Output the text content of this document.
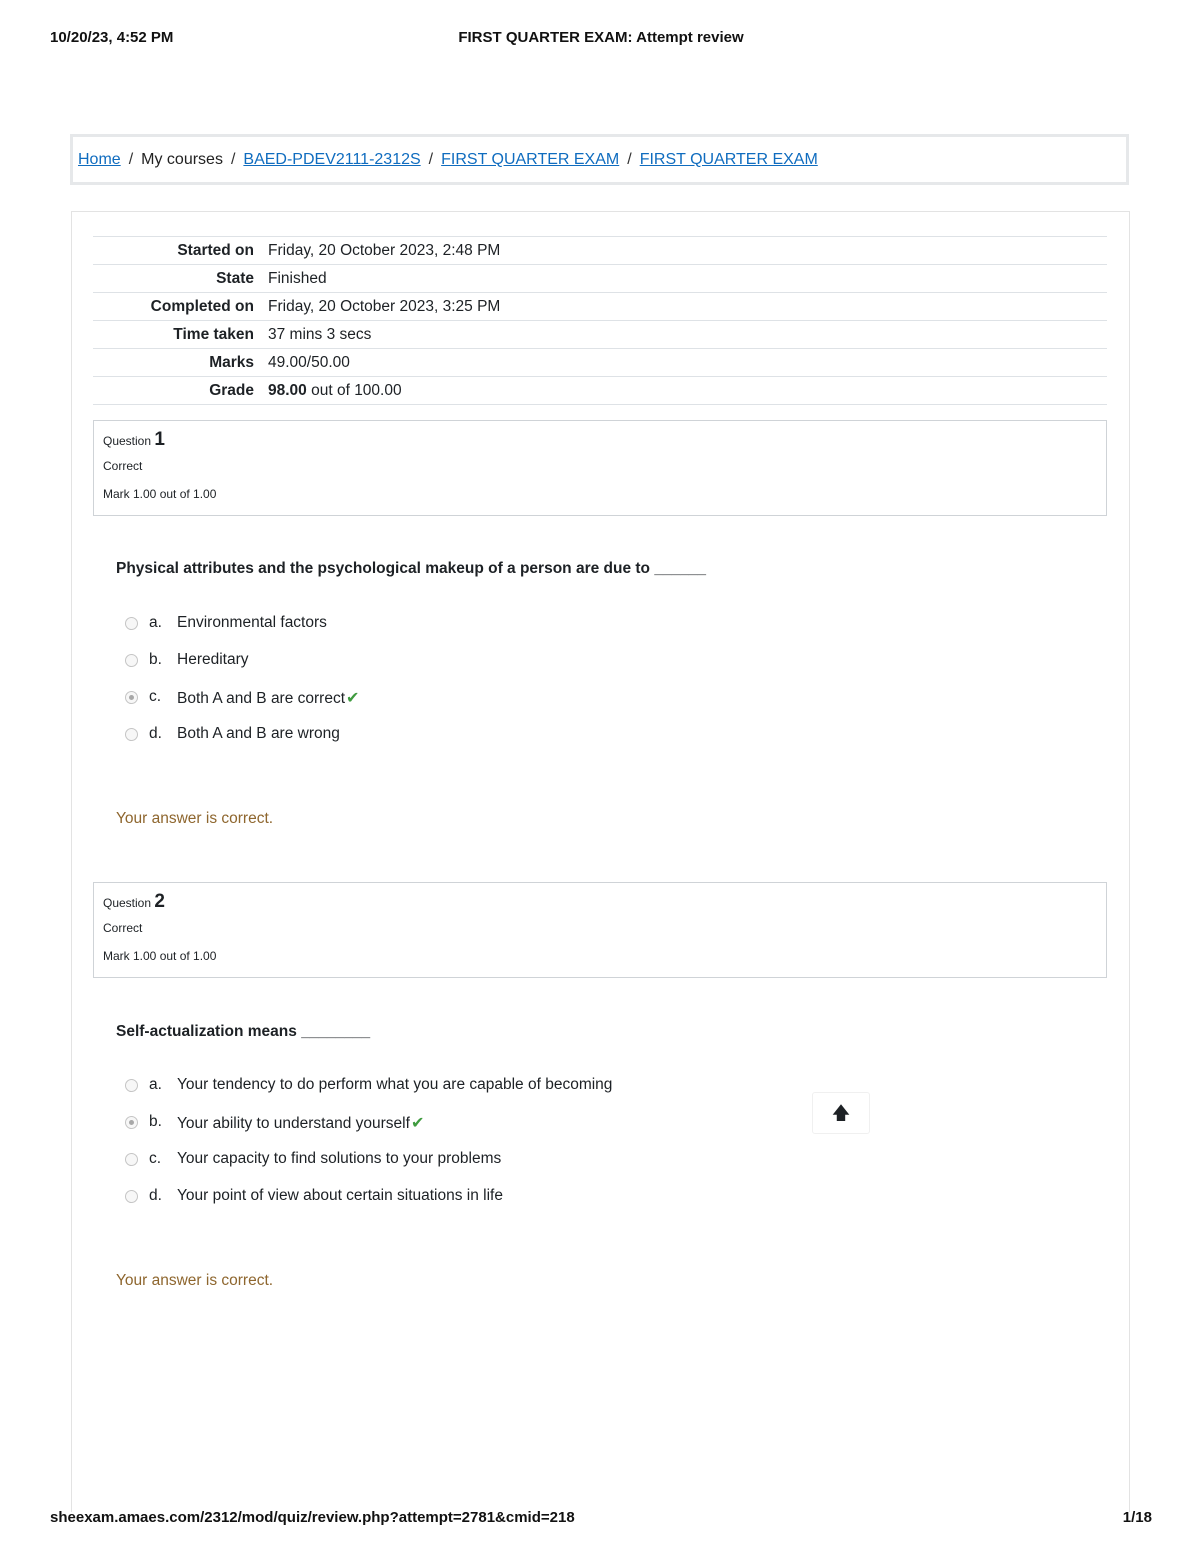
10/20/23, 4:52 PM	FIRST QUARTER EXAM: Attempt review
Home / My courses / BAED-PDEV2111-2312S / FIRST QUARTER EXAM / FIRST QUARTER EXAM
Started on	Friday, 20 October 2023, 2:48 PM
State	Finished
Completed on	Friday, 20 October 2023, 3:25 PM
Time taken	37 mins 3 secs
Marks	49.00/50.00
Grade	98.00 out of 100.00
Question 1
Correct
Mark 1.00 out of 1.00
Physical attributes and the psychological makeup of a person are due to ______
a. Environmental factors
b. Hereditary
c. Both A and B are correct✔
d. Both A and B are wrong
Your answer is correct.
Question 2
Correct
Mark 1.00 out of 1.00
Self-actualization means ________
a. Your tendency to do perform what you are capable of becoming
b. Your ability to understand yourself✔
c. Your capacity to find solutions to your problems
d. Your point of view about certain situations in life
Your answer is correct.
🡅
sheexam.amaes.com/2312/mod/quiz/review.php?attempt=2781&cmid=218	1/18
